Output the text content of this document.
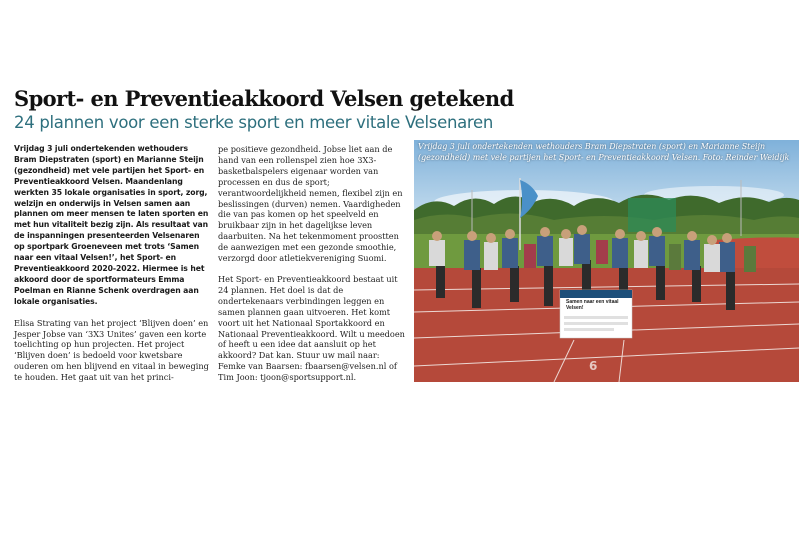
Sport- en Preventieakkoord Velsen getekend
24 plannen voor een sterke sport en meer vitale Velsenaren

Vrijdag 3 juli ondertekenden wethouders Bram Diepstraten (sport) en Marianne Steijn (gezondheid) met vele partijen het Sport- en Preventieakkoord Velsen. Maandenlang werkten 35 lokale organisaties in sport, zorg, welzijn en onderwijs in Velsen samen aan plannen om meer mensen te laten sporten en met hun vitaliteit bezig zijn. Als resultaat van de inspanningen presenteerden Velsenaren op sportpark Groeneveen met trots ‘Samen naar een vitaal Velsen!’, het Sport- en Preventieakkoord 2020-2022. Hiermee is het akkoord door de sportformateurs Emma Poelman en Rianne Schenk overdragen aan lokale organisaties.

Elisa Strating van het project ‘Blijven doen’ en Jesper Jobse van ‘3X3 Unites’ gaven een korte toelichting op hun projecten. Het project ‘Blijven doen’ is bedoeld voor kwetsbare ouderen om hen blijvend en vitaal in beweging te houden. Het gaat uit van het princi-

pe positieve gezondheid. Jobse liet aan de hand van een rollenspel zien hoe 3X3-basketbalspelers eigenaar worden van processen en dus de sport; verantwoordelijkheid nemen, flexibel zijn en beslissingen (durven) nemen. Vaardigheden die van pas komen op het speelveld en bruikbaar zijn in het dagelijkse leven daarbuiten. Na het tekenmoment proostten de aanwezigen met een gezonde smoothie, verzorgd door atletiekvereniging Suomi.

Het Sport- en Preventieakkoord bestaat uit 24 plannen. Het doel is dat de ondertekenaars verbindingen leggen en samen plannen gaan uitvoeren. Het komt voort uit het Nationaal Sportakkoord en Nationaal Preventieakkoord. Wilt u meedoen of heeft u een idee dat aansluit op het akkoord? Dat kan. Stuur uw mail naar: Femke van Baarsen: fbaarsen@velsen.nl of Tim Joon: tjoon@sportsupport.nl.

6
Samen naar een vitaal Velsen!
Vrijdag 3 juli ondertekenden wethouders Bram Diepstraten (sport) en Marianne Steijn (gezondheid) met vele partijen het Sport- en Preventieakkoord Velsen. Foto: Reinder Weidijk
